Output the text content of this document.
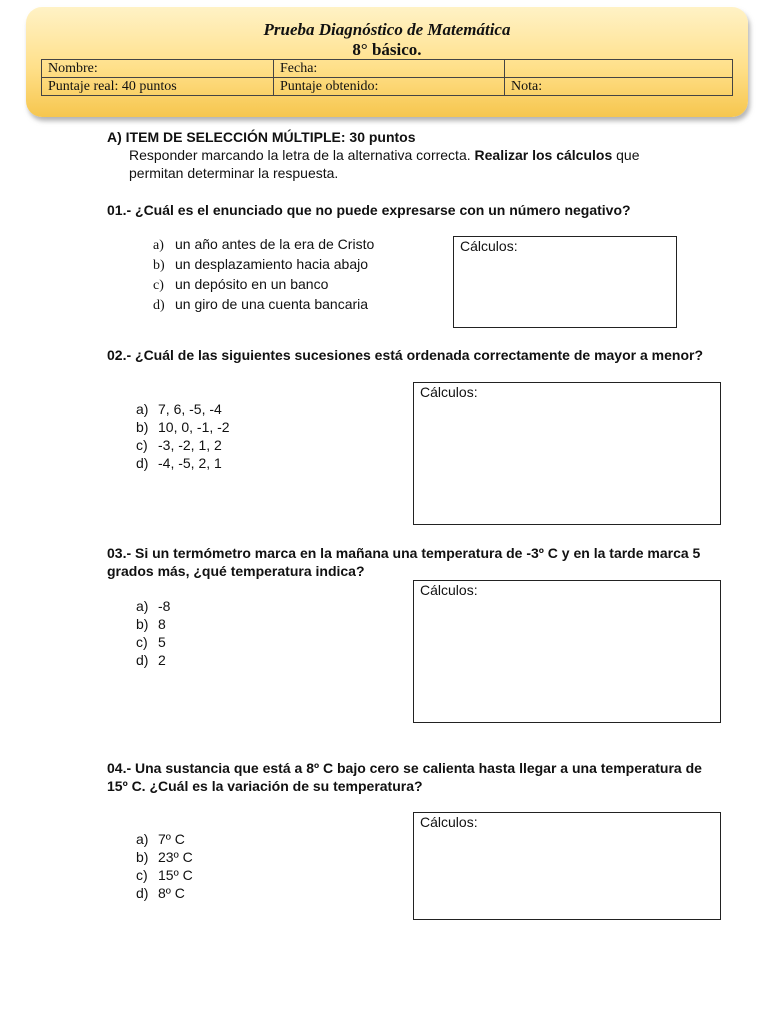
Prueba Diagnóstico de Matemática
8° básico.
Nombre:	Fecha:	
Puntaje real: 40 puntos	Puntaje obtenido:	Nota:
A) ITEM DE SELECCIÓN MÚLTIPLE: 30 puntos
Responder marcando la letra de la alternativa correcta. Realizar los cálculos que
permitan determinar la respuesta.
01.- ¿Cuál es el enunciado que no puede expresarse con un número negativo?
a) un año antes de la era de Cristo
b) un desplazamiento hacia abajo
c) un depósito en un banco
d) un giro de una cuenta bancaria
Cálculos:
02.- ¿Cuál de las siguientes sucesiones está ordenada correctamente de mayor a menor?
a) 7, 6, -5, -4
b) 10, 0, -1, -2
c) -3, -2, 1, 2
d) -4, -5, 2, 1
Cálculos:
03.- Si un termómetro marca en la mañana una temperatura de -3º C y en la tarde marca 5 grados más, ¿qué temperatura indica?
a) -8
b) 8
c) 5
d) 2
Cálculos:
04.- Una sustancia que está a 8º C bajo cero se calienta hasta llegar a una temperatura de 15º C. ¿Cuál es la variación de su temperatura?
a) 7º C
b) 23º C
c) 15º C
d) 8º C
Cálculos:
